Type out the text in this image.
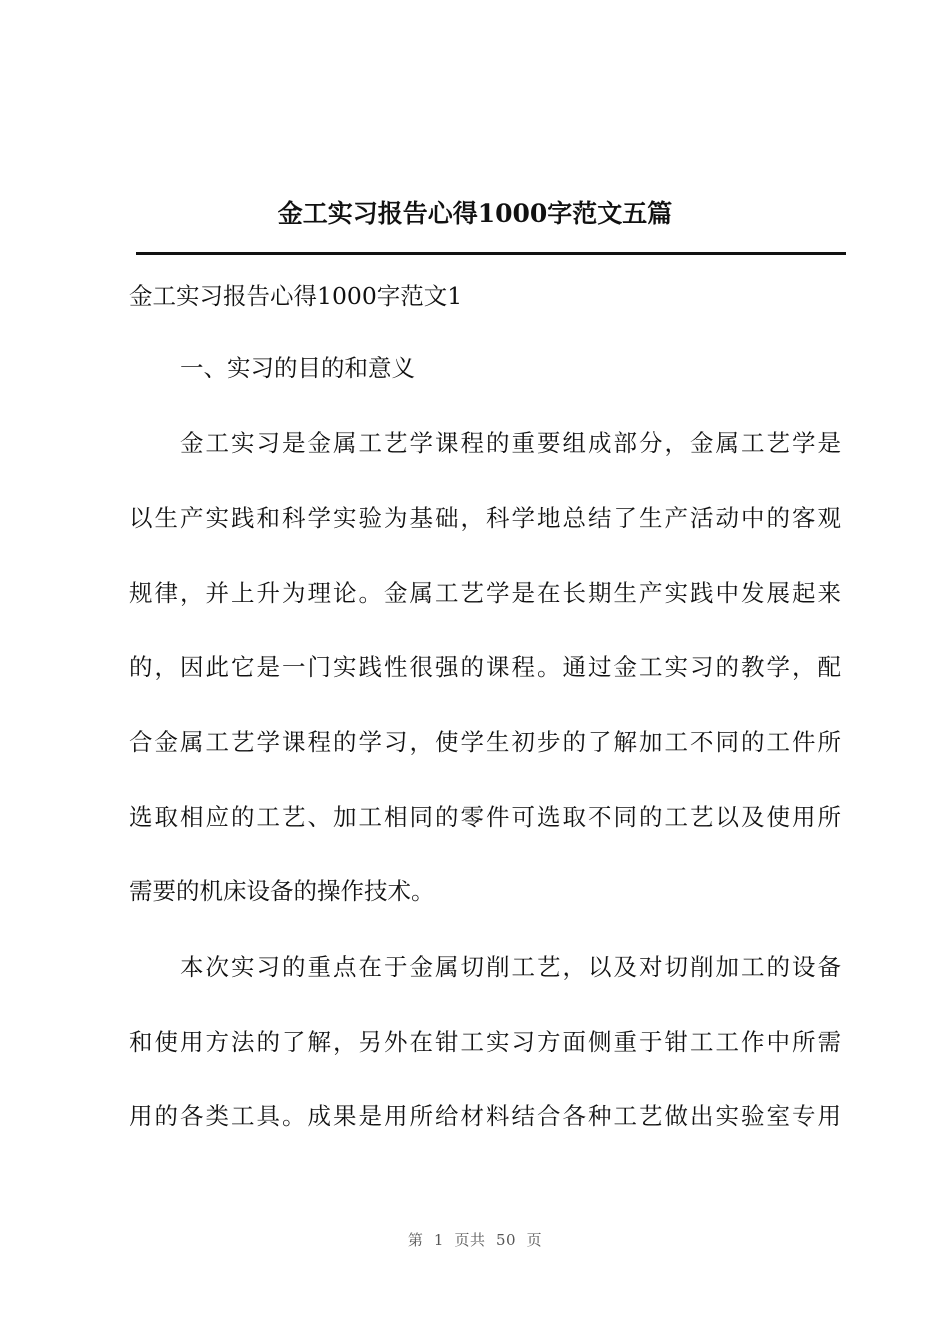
金工实习报告心得1000字范文五篇
金工实习报告心得1000字范文1
一、实习的目的和意义
金工实习是金属工艺学课程的重要组成部分，金属工艺学是
以生产实践和科学实验为基础，科学地总结了生产活动中的客观
规律，并上升为理论。金属工艺学是在长期生产实践中发展起来
的，因此它是一门实践性很强的课程。通过金工实习的教学，配
合金属工艺学课程的学习，使学生初步的了解加工不同的工件所
选取相应的工艺、加工相同的零件可选取不同的工艺以及使用所
需要的机床设备的操作技术。
本次实习的重点在于金属切削工艺，以及对切削加工的设备
和使用方法的了解，另外在钳工实习方面侧重于钳工工作中所需
用的各类工具。成果是用所给材料结合各种工艺做出实验室专用
第  1  页共  50  页
